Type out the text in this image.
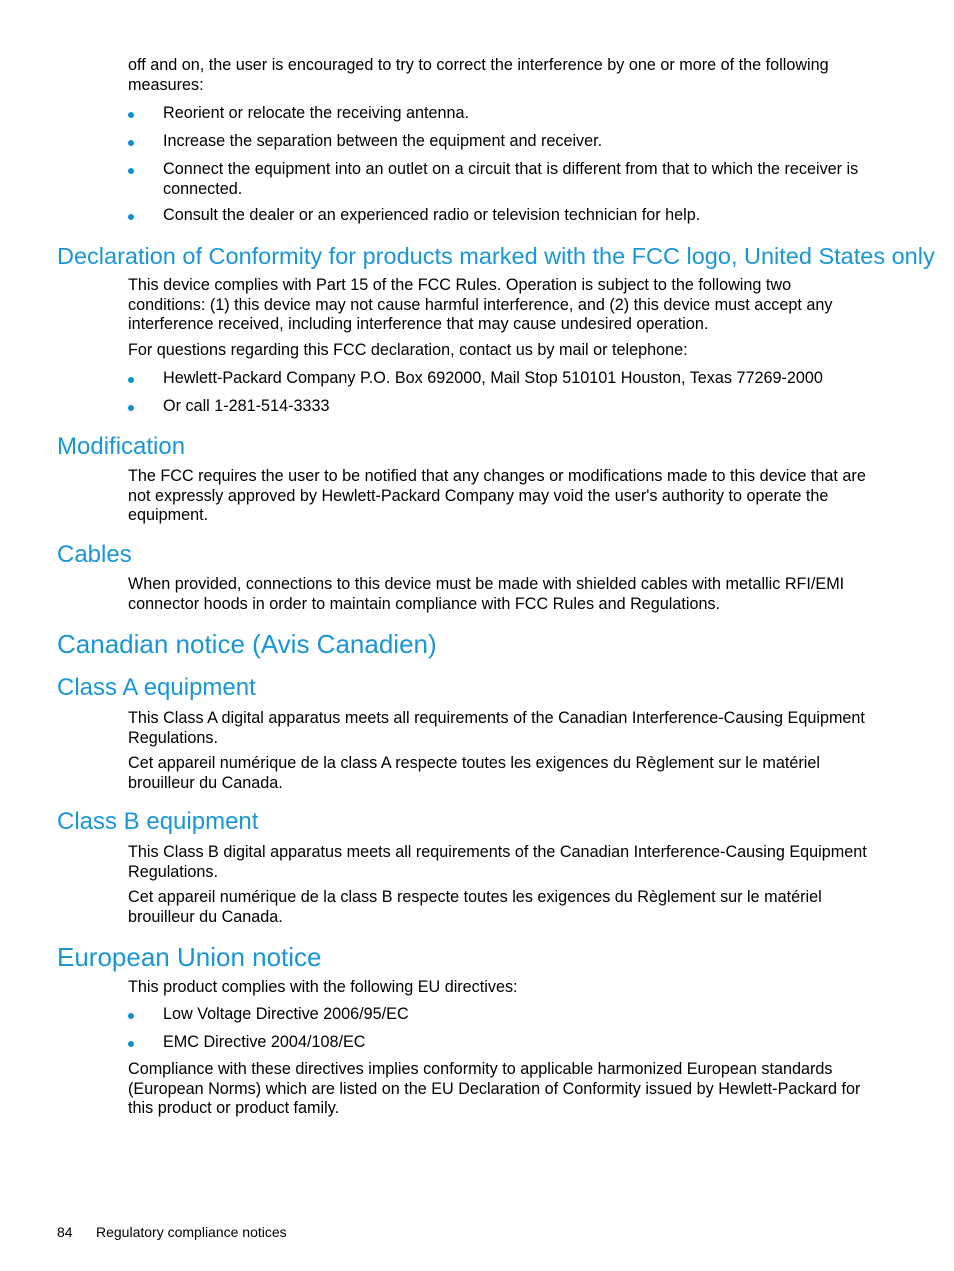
off and on, the user is encouraged to try to correct the interference by one or more of the following measures:
Reorient or relocate the receiving antenna.
Increase the separation between the equipment and receiver.
Connect the equipment into an outlet on a circuit that is different from that to which the receiver is connected.
Consult the dealer or an experienced radio or television technician for help.
Declaration of Conformity for products marked with the FCC logo, United States only
This device complies with Part 15 of the FCC Rules. Operation is subject to the following two conditions: (1) this device may not cause harmful interference, and (2) this device must accept any interference received, including interference that may cause undesired operation.
For questions regarding this FCC declaration, contact us by mail or telephone:
Hewlett-Packard Company P.O. Box 692000, Mail Stop 510101 Houston, Texas 77269-2000
Or call 1-281-514-3333
Modification
The FCC requires the user to be notified that any changes or modifications made to this device that are not expressly approved by Hewlett-Packard Company may void the user's authority to operate the equipment.
Cables
When provided, connections to this device must be made with shielded cables with metallic RFI/EMI connector hoods in order to maintain compliance with FCC Rules and Regulations.
Canadian notice (Avis Canadien)
Class A equipment
This Class A digital apparatus meets all requirements of the Canadian Interference-Causing Equipment Regulations.
Cet appareil numérique de la class A respecte toutes les exigences du Règlement sur le matériel brouilleur du Canada.
Class B equipment
This Class B digital apparatus meets all requirements of the Canadian Interference-Causing Equipment Regulations.
Cet appareil numérique de la class B respecte toutes les exigences du Règlement sur le matériel brouilleur du Canada.
European Union notice
This product complies with the following EU directives:
Low Voltage Directive 2006/95/EC
EMC Directive 2004/108/EC
Compliance with these directives implies conformity to applicable harmonized European standards (European Norms) which are listed on the EU Declaration of Conformity issued by Hewlett-Packard for this product or product family.
84 Regulatory compliance notices
